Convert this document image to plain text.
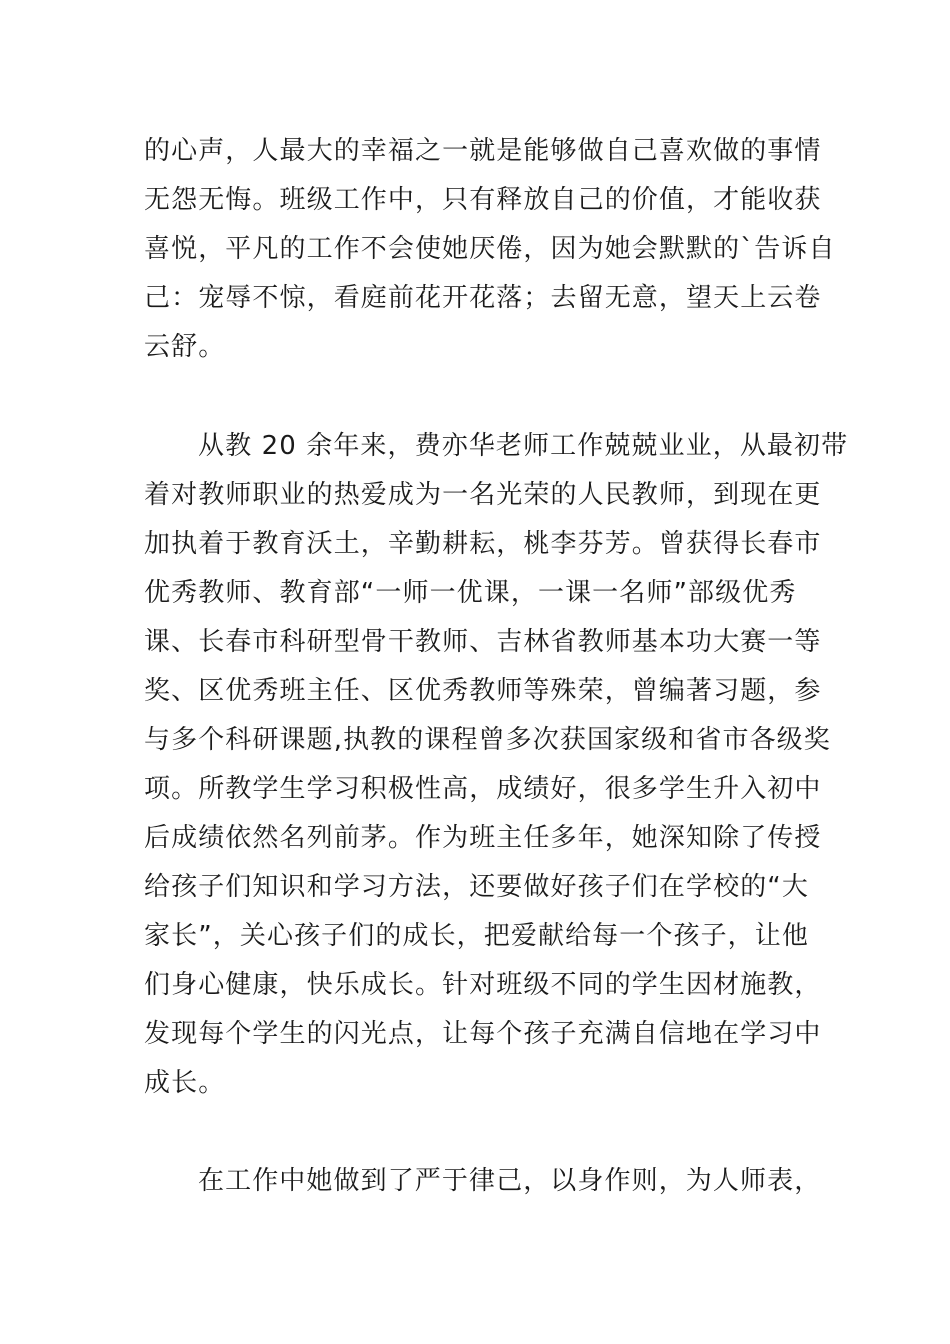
的心声，人最大的幸福之一就是能够做自己喜欢做的事情

无怨无悔。班级工作中，只有释放自己的价值，才能收获

喜悦，平凡的工作不会使她厌倦，因为她会默默的`告诉自

己：宠辱不惊，看庭前花开花落；去留无意，望天上云卷

云舒。

从教 20 余年来，费亦华老师工作兢兢业业，从最初带

着对教师职业的热爱成为一名光荣的人民教师，到现在更

加执着于教育沃土，辛勤耕耘，桃李芬芳。曾获得长春市

优秀教师、教育部“一师一优课，一课一名师”部级优秀

课、长春市科研型骨干教师、吉林省教师基本功大赛一等

奖、区优秀班主任、区优秀教师等殊荣，曾编著习题，参

与多个科研课题,执教的课程曾多次获国家级和省市各级奖

项。所教学生学习积极性高，成绩好，很多学生升入初中

后成绩依然名列前茅。作为班主任多年，她深知除了传授

给孩子们知识和学习方法，还要做好孩子们在学校的“大

家长”，关心孩子们的成长，把爱献给每一个孩子，让他

们身心健康，快乐成长。针对班级不同的学生因材施教，

发现每个学生的闪光点，让每个孩子充满自信地在学习中

成长。

在工作中她做到了严于律己，以身作则，为人师表，
